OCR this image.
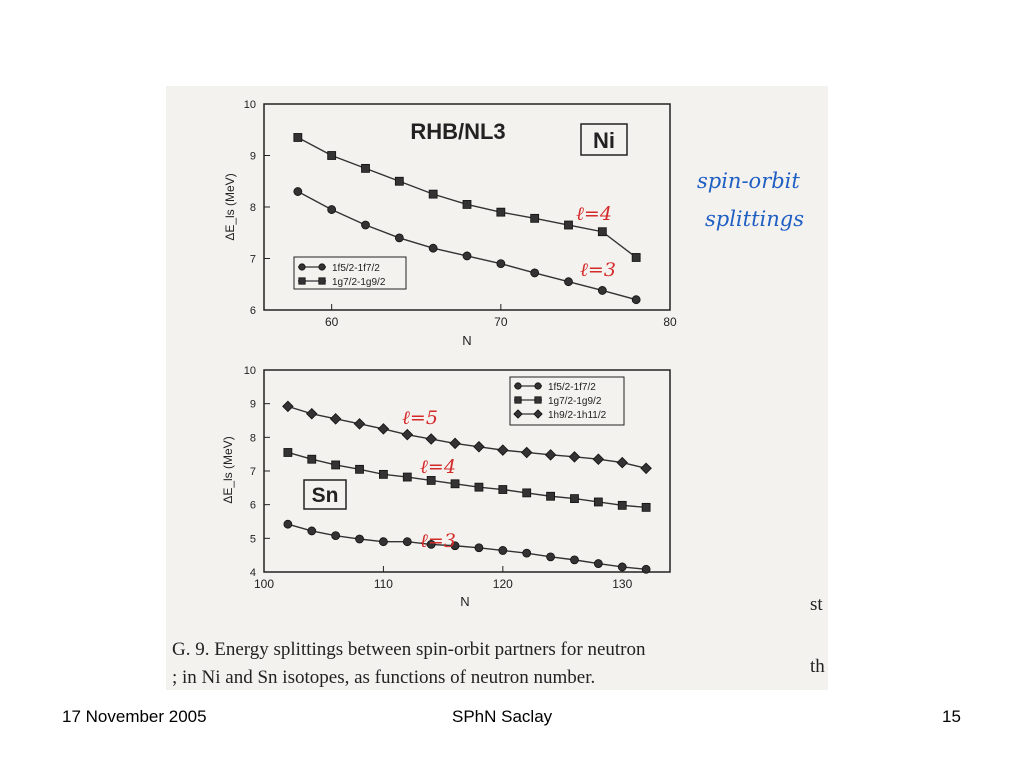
RHB/NL3	Ni
N
ΔE_ls (MeV)
60	70	80
6
7
8
9
10
1f5/2-1f7/2
1g7/2-1g9/2
ℓ=4
ℓ=3
Sn
N
ΔE_ls (MeV)
100	110	120	130
4
5
6
7
8
9
10
1f5/2-1f7/2
1g7/2-1g9/2
1h9/2-1h11/2
ℓ=5
ℓ=4
ℓ=3
spin-orbit
splittings
G. 9. Energy splittings between spin-orbit partners for neutron
; in Ni and Sn isotopes, as functions of neutron number.
st
th
17 November 2005	SPhN Saclay	15
